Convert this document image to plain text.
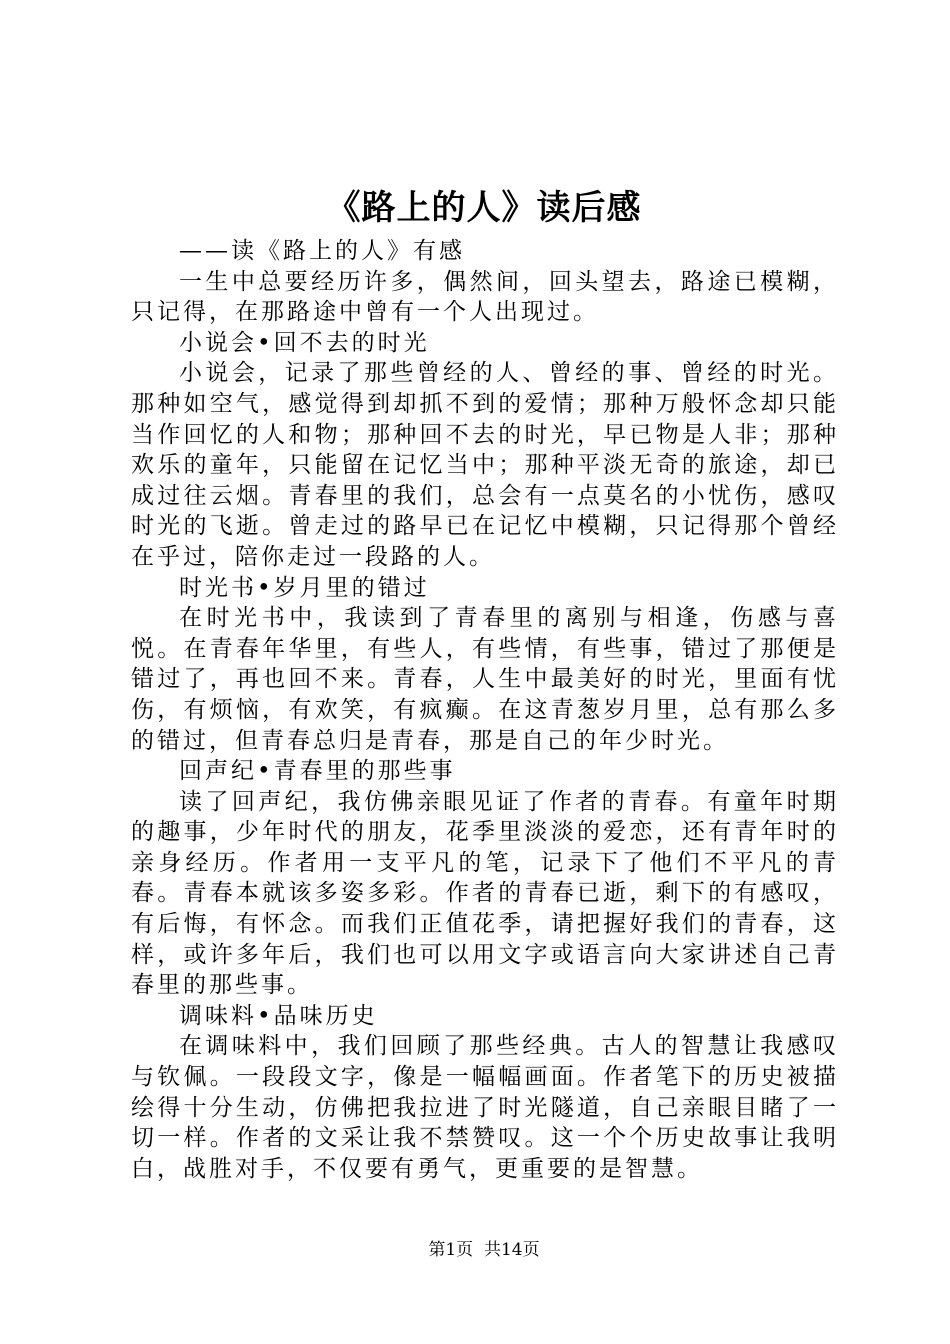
《路上的人》读后感

——读《路上的人》有感

一生中总要经历许多，偶然间，回头望去，路途已模糊，只记得，在那路途中曾有一个人出现过。

小说会•回不去的时光

小说会，记录了那些曾经的人、曾经的事、曾经的时光。那种如空气，感觉得到却抓不到的爱情；那种万般怀念却只能当作回忆的人和物；那种回不去的时光，早已物是人非；那种欢乐的童年，只能留在记忆当中；那种平淡无奇的旅途，却已成过往云烟。青春里的我们，总会有一点莫名的小忧伤，感叹时光的飞逝。曾走过的路早已在记忆中模糊，只记得那个曾经在乎过，陪你走过一段路的人。

时光书•岁月里的错过

在时光书中，我读到了青春里的离别与相逢，伤感与喜悦。在青春年华里，有些人，有些情，有些事，错过了那便是错过了，再也回不来。青春，人生中最美好的时光，里面有忧伤，有烦恼，有欢笑，有疯癫。在这青葱岁月里，总有那么多的错过，但青春总归是青春，那是自己的年少时光。

回声纪•青春里的那些事

读了回声纪，我仿佛亲眼见证了作者的青春。有童年时期的趣事，少年时代的朋友，花季里淡淡的爱恋，还有青年时的亲身经历。作者用一支平凡的笔，记录下了他们不平凡的青春。青春本就该多姿多彩。作者的青春已逝，剩下的有感叹，有后悔，有怀念。而我们正值花季，请把握好我们的青春，这样，或许多年后，我们也可以用文字或语言向大家讲述自己青春里的那些事。

调味料•品味历史

在调味料中，我们回顾了那些经典。古人的智慧让我感叹与钦佩。一段段文字，像是一幅幅画面。作者笔下的历史被描绘得十分生动，仿佛把我拉进了时光隧道，自己亲眼目睹了一切一样。作者的文采让我不禁赞叹。这一个个历史故事让我明白，战胜对手，不仅要有勇气，更重要的是智慧。

第1页  共14页
